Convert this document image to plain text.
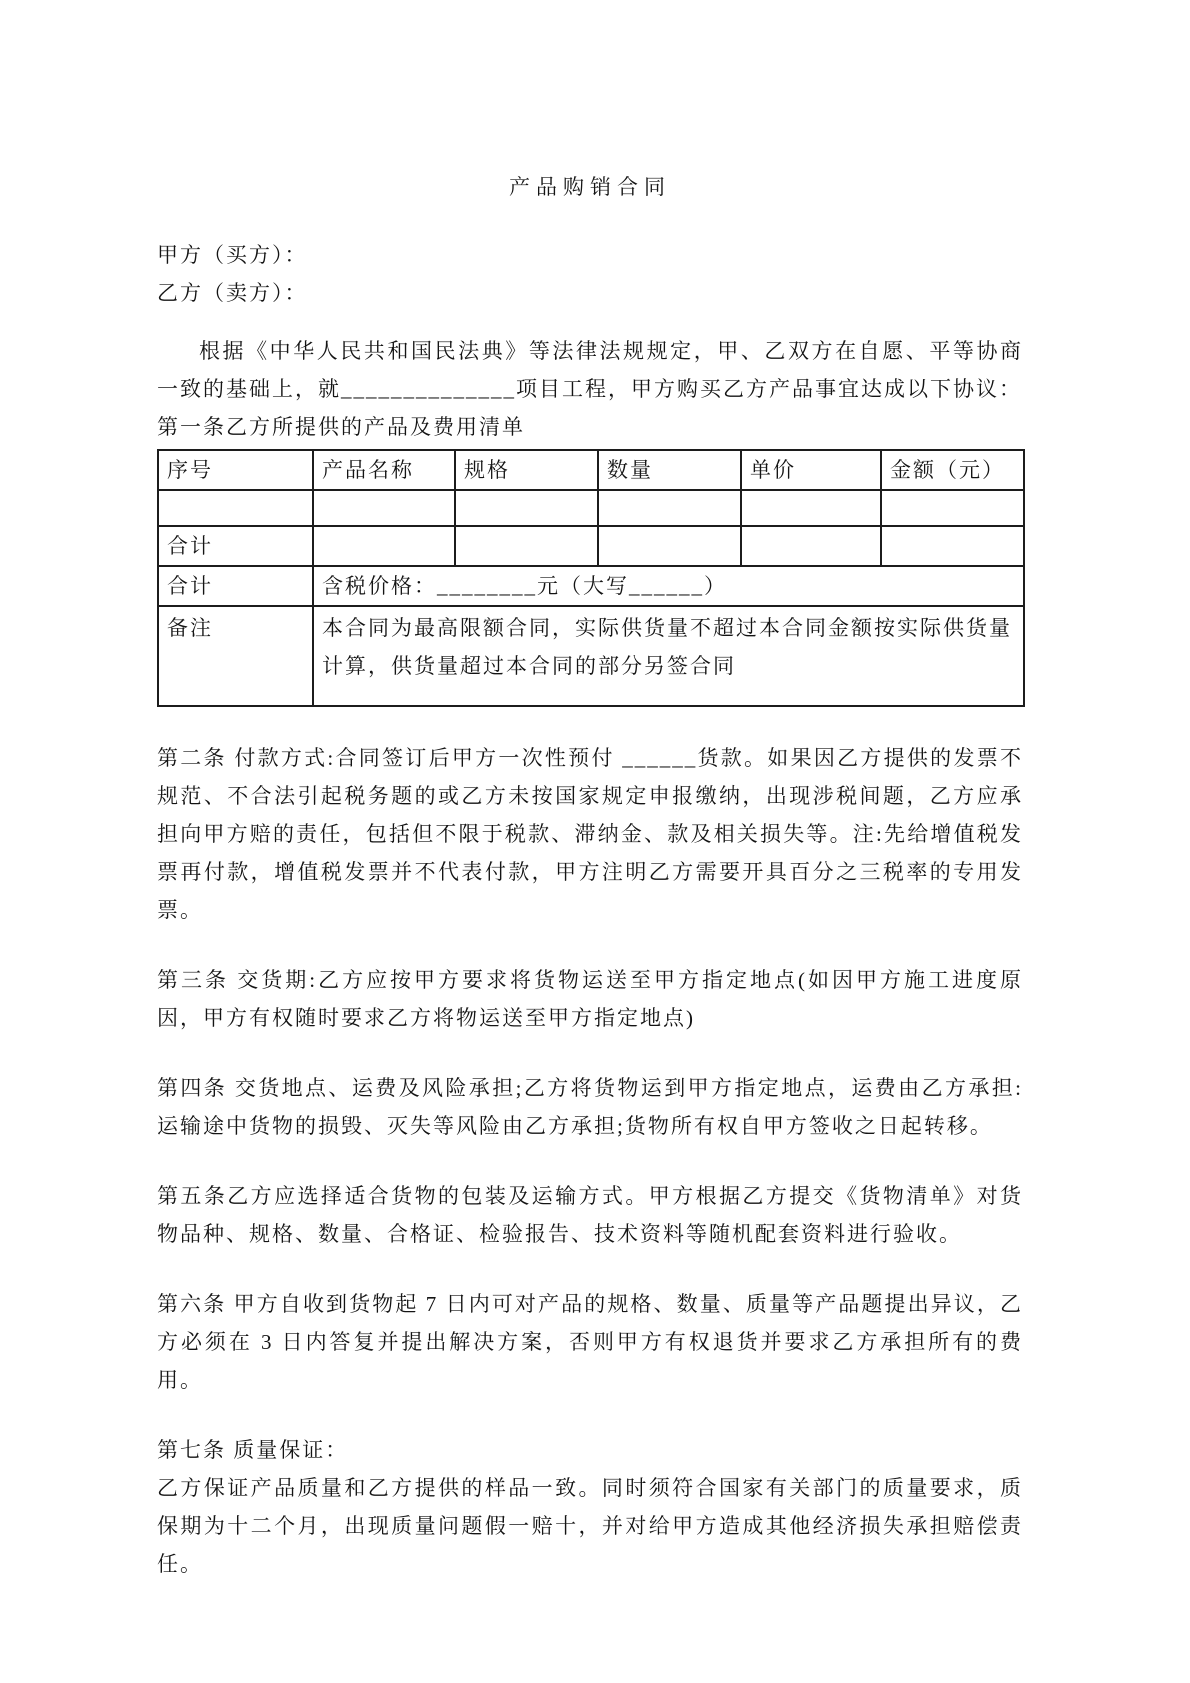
产品购销合同

甲方（买方）：

乙方（卖方）：

根据《中华人民共和国民法典》等法律法规规定，甲、乙双方在自愿、平等协商一致的基础上，就______________项目工程，甲方购买乙方产品事宜达成以下协议：

第一条乙方所提供的产品及费用清单

序号	产品名称	规格	数量	单价	金额（元）

合计					
合计	含税价格：________元（大写______）				
备注	本合同为最高限额合同，实际供货量不超过本合同金额按实际供货量计算，供货量超过本合同的部分另签合同				

第二条 付款方式:合同签订后甲方一次性预付 ______货款。如果因乙方提供的发票不规范、不合法引起税务题的或乙方未按国家规定申报缴纳，出现涉税间题，乙方应承担向甲方赔的责任，包括但不限于税款、滞纳金、款及相关损失等。注:先给增值税发票再付款，增值税发票并不代表付款，甲方注明乙方需要开具百分之三税率的专用发票。

第三条 交货期:乙方应按甲方要求将货物运送至甲方指定地点(如因甲方施工进度原因，甲方有权随时要求乙方将物运送至甲方指定地点)

第四条 交货地点、运费及风险承担;乙方将货物运到甲方指定地点，运费由乙方承担:运输途中货物的损毁、灭失等风险由乙方承担;货物所有权自甲方签收之日起转移。

第五条乙方应选择适合货物的包装及运输方式。甲方根据乙方提交《货物清单》对货物品种、规格、数量、合格证、检验报告、技术资料等随机配套资料进行验收。

第六条 甲方自收到货物起 7 日内可对产品的规格、数量、质量等产品题提出异议，乙方必须在 3 日内答复并提出解决方案，否则甲方有权退货并要求乙方承担所有的费用。

第七条 质量保证：

乙方保证产品质量和乙方提供的样品一致。同时须符合国家有关部门的质量要求，质保期为十二个月，出现质量问题假一赔十，并对给甲方造成其他经济损失承担赔偿责任。
